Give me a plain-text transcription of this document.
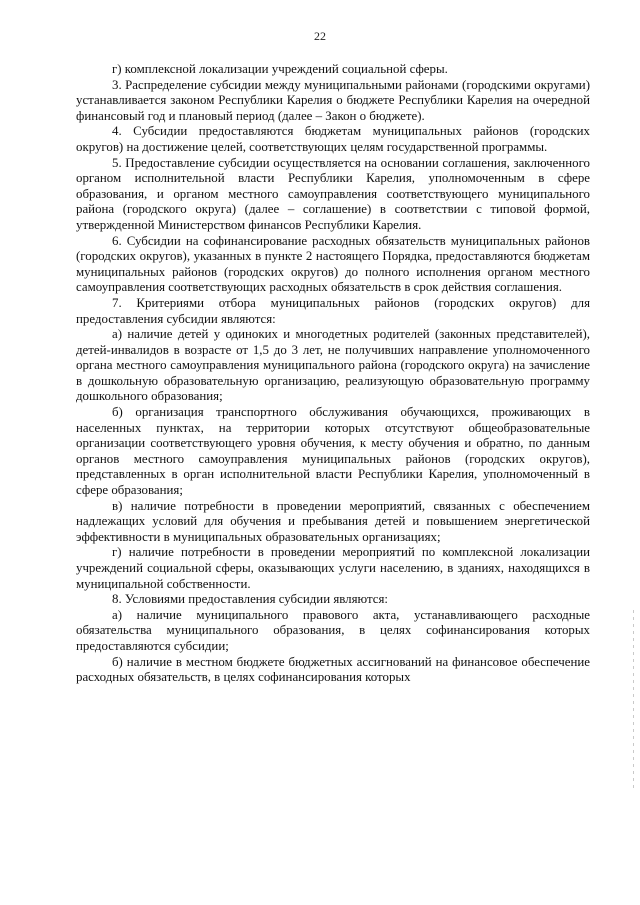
22

г) комплексной локализации учреждений социальной сферы.

3. Распределение субсидии между муниципальными районами (городскими округами) устанавливается законом Республики Карелия о бюджете Республики Карелия на очередной финансовый год и плановый период (далее – Закон о бюджете).

4. Субсидии предоставляются бюджетам муниципальных районов (городских округов) на достижение целей, соответствующих целям государственной программы.

5. Предоставление субсидии осуществляется на основании соглашения, заключенного органом исполнительной власти Республики Карелия, уполномоченным в сфере образования, и органом местного самоуправления соответствующего муниципального района (городского округа) (далее – соглашение) в соответствии с типовой формой, утвержденной Министерством финансов Республики Карелия.

6. Субсидии на софинансирование расходных обязательств муниципальных районов (городских округов), указанных в пункте 2 настоящего Порядка, предоставляются бюджетам муниципальных районов (городских округов) до полного исполнения органом местного самоуправления соответствующих расходных обязательств в срок действия соглашения.

7. Критериями отбора муниципальных районов (городских округов) для предоставления субсидии являются:

а) наличие детей у одиноких и многодетных родителей (законных представителей), детей-инвалидов в возрасте от 1,5 до 3 лет, не получивших направление уполномоченного органа местного самоуправления муниципального района (городского округа) на зачисление в дошкольную образовательную организацию, реализующую образовательную программу дошкольного образования;

б) организация транспортного обслуживания обучающихся, проживающих в населенных пунктах, на территории которых отсутствуют общеобразовательные организации соответствующего уровня обучения, к месту обучения и обратно, по данным органов местного самоуправления муниципальных районов (городских округов), представленных в орган исполнительной власти Республики Карелия, уполномоченный в сфере образования;

в) наличие потребности в проведении мероприятий, связанных с обеспечением надлежащих условий для обучения и пребывания детей и повышением энергетической эффективности в муниципальных образовательных организациях;

г) наличие потребности в проведении мероприятий по комплексной локализации учреждений социальной сферы, оказывающих услуги населению, в зданиях, находящихся в муниципальной собственности.

8. Условиями предоставления субсидии являются:

а) наличие муниципального правового акта, устанавливающего расходные обязательства муниципального образования, в целях софинансирования которых предоставляются субсидии;

б) наличие в местном бюджете бюджетных ассигнований на финансовое обеспечение расходных обязательств, в целях софинансирования которых
